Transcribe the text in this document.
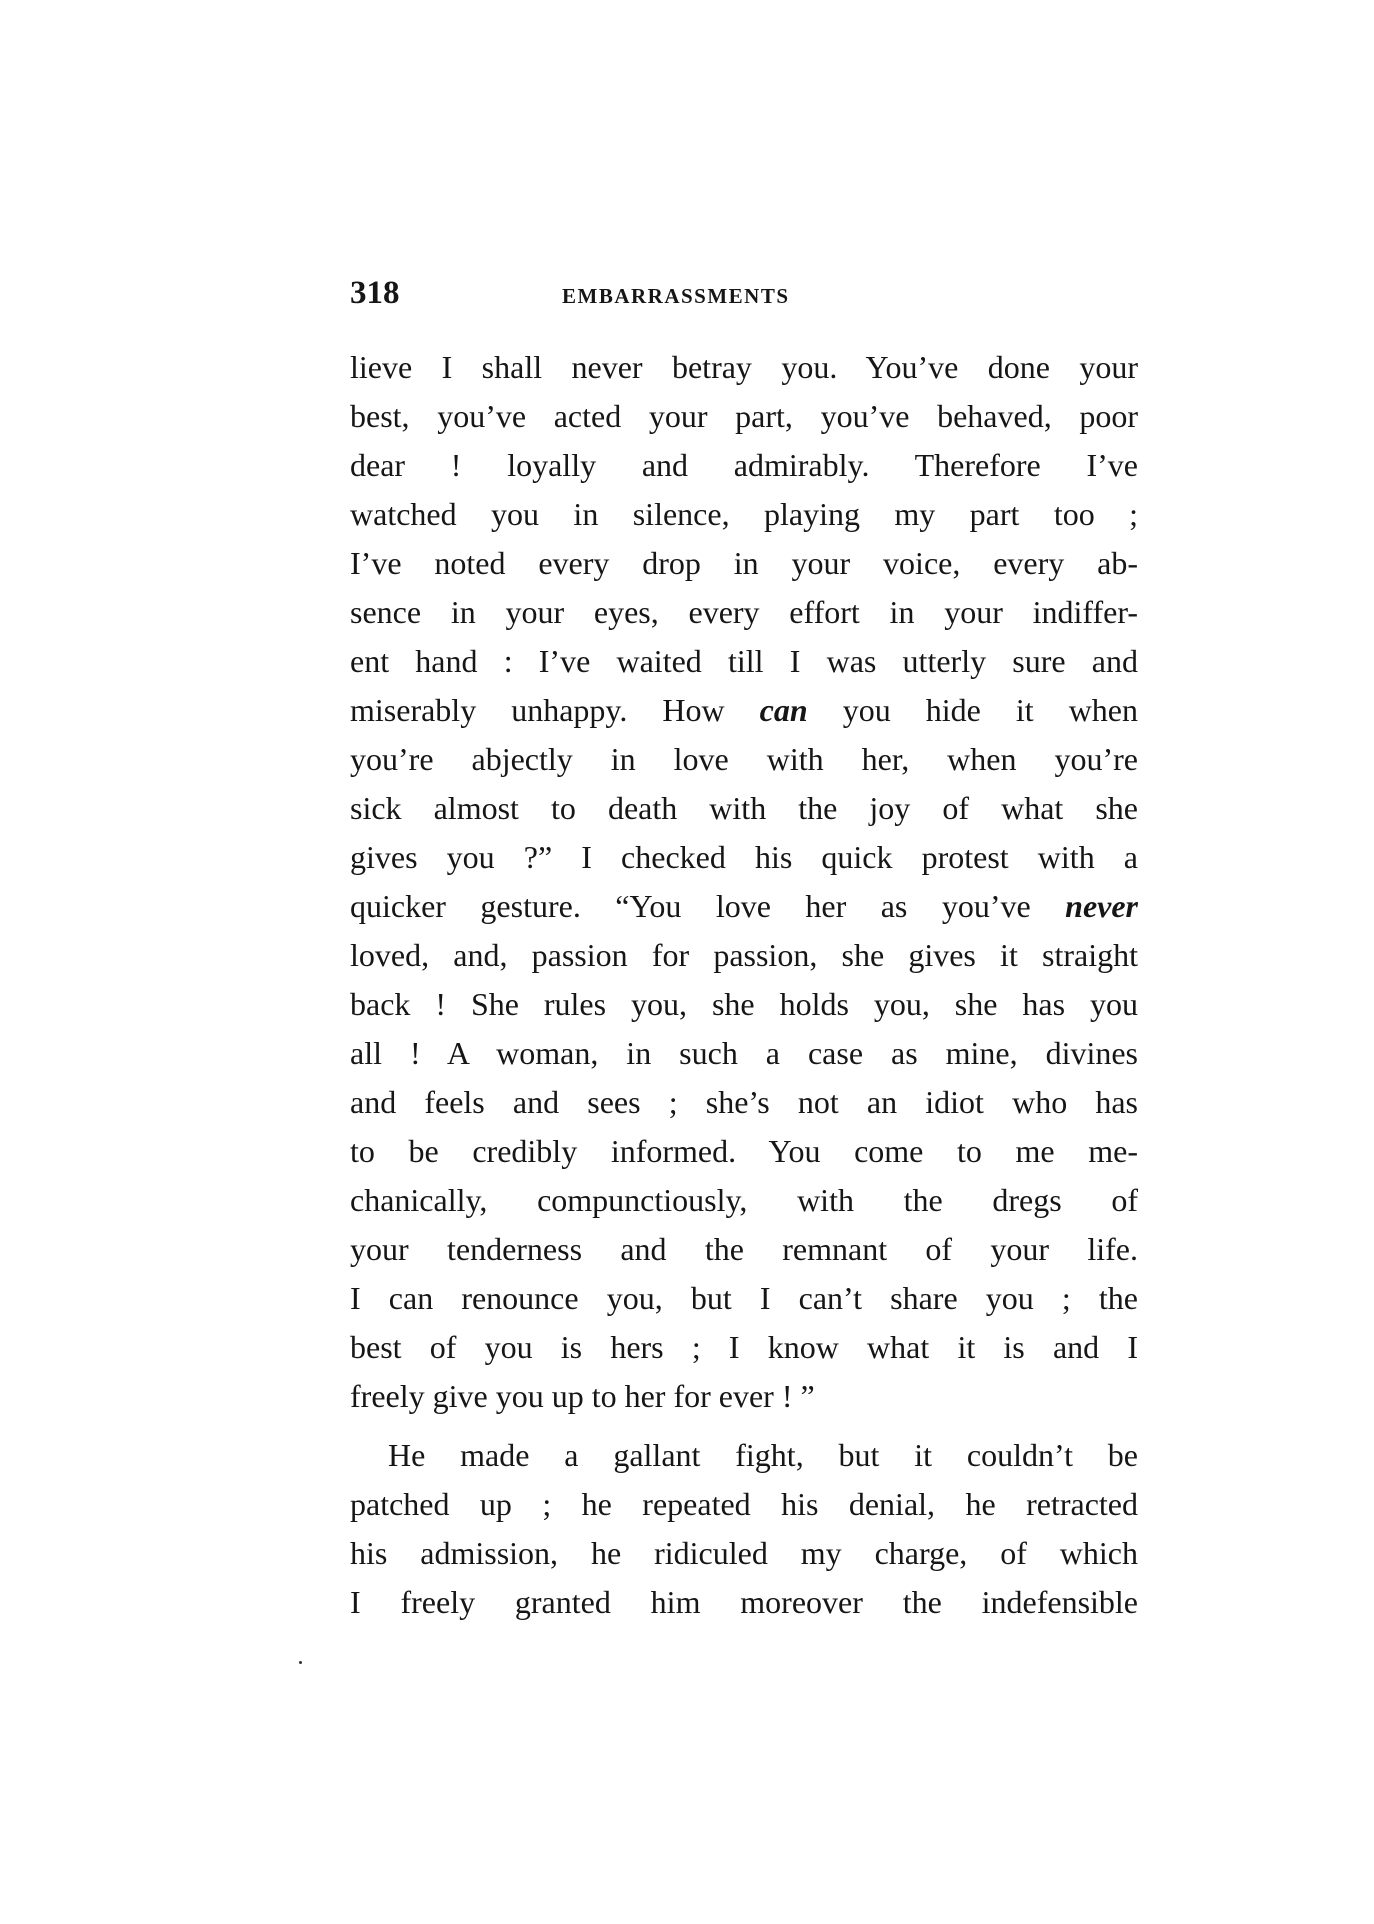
318	EMBARRASSMENTS
lieve I shall never betray you. You’ve done your
best, you’ve acted your part, you’ve behaved, poor
dear ! loyally and admirably. Therefore I’ve
watched you in silence, playing my part too ;
I’ve noted every drop in your voice, every ab-
sence in your eyes, every effort in your indiffer-
ent hand : I’ve waited till I was utterly sure and
miserably unhappy. How can you hide it when
you’re abjectly in love with her, when you’re
sick almost to death with the joy of what she
gives you ?” I checked his quick protest with a
quicker gesture. “You love her as you’ve never
loved, and, passion for passion, she gives it straight
back ! She rules you, she holds you, she has you
all ! A woman, in such a case as mine, divines
and feels and sees ; she’s not an idiot who has
to be credibly informed. You come to me me-
chanically, compunctiously, with the dregs of
your tenderness and the remnant of your life.
I can renounce you, but I can’t share you ; the
best of you is hers ; I know what it is and I
freely give you up to her for ever ! ”
He made a gallant fight, but it couldn’t be
patched up ; he repeated his denial, he retracted
his admission, he ridiculed my charge, of which
I freely granted him moreover the indefensible
